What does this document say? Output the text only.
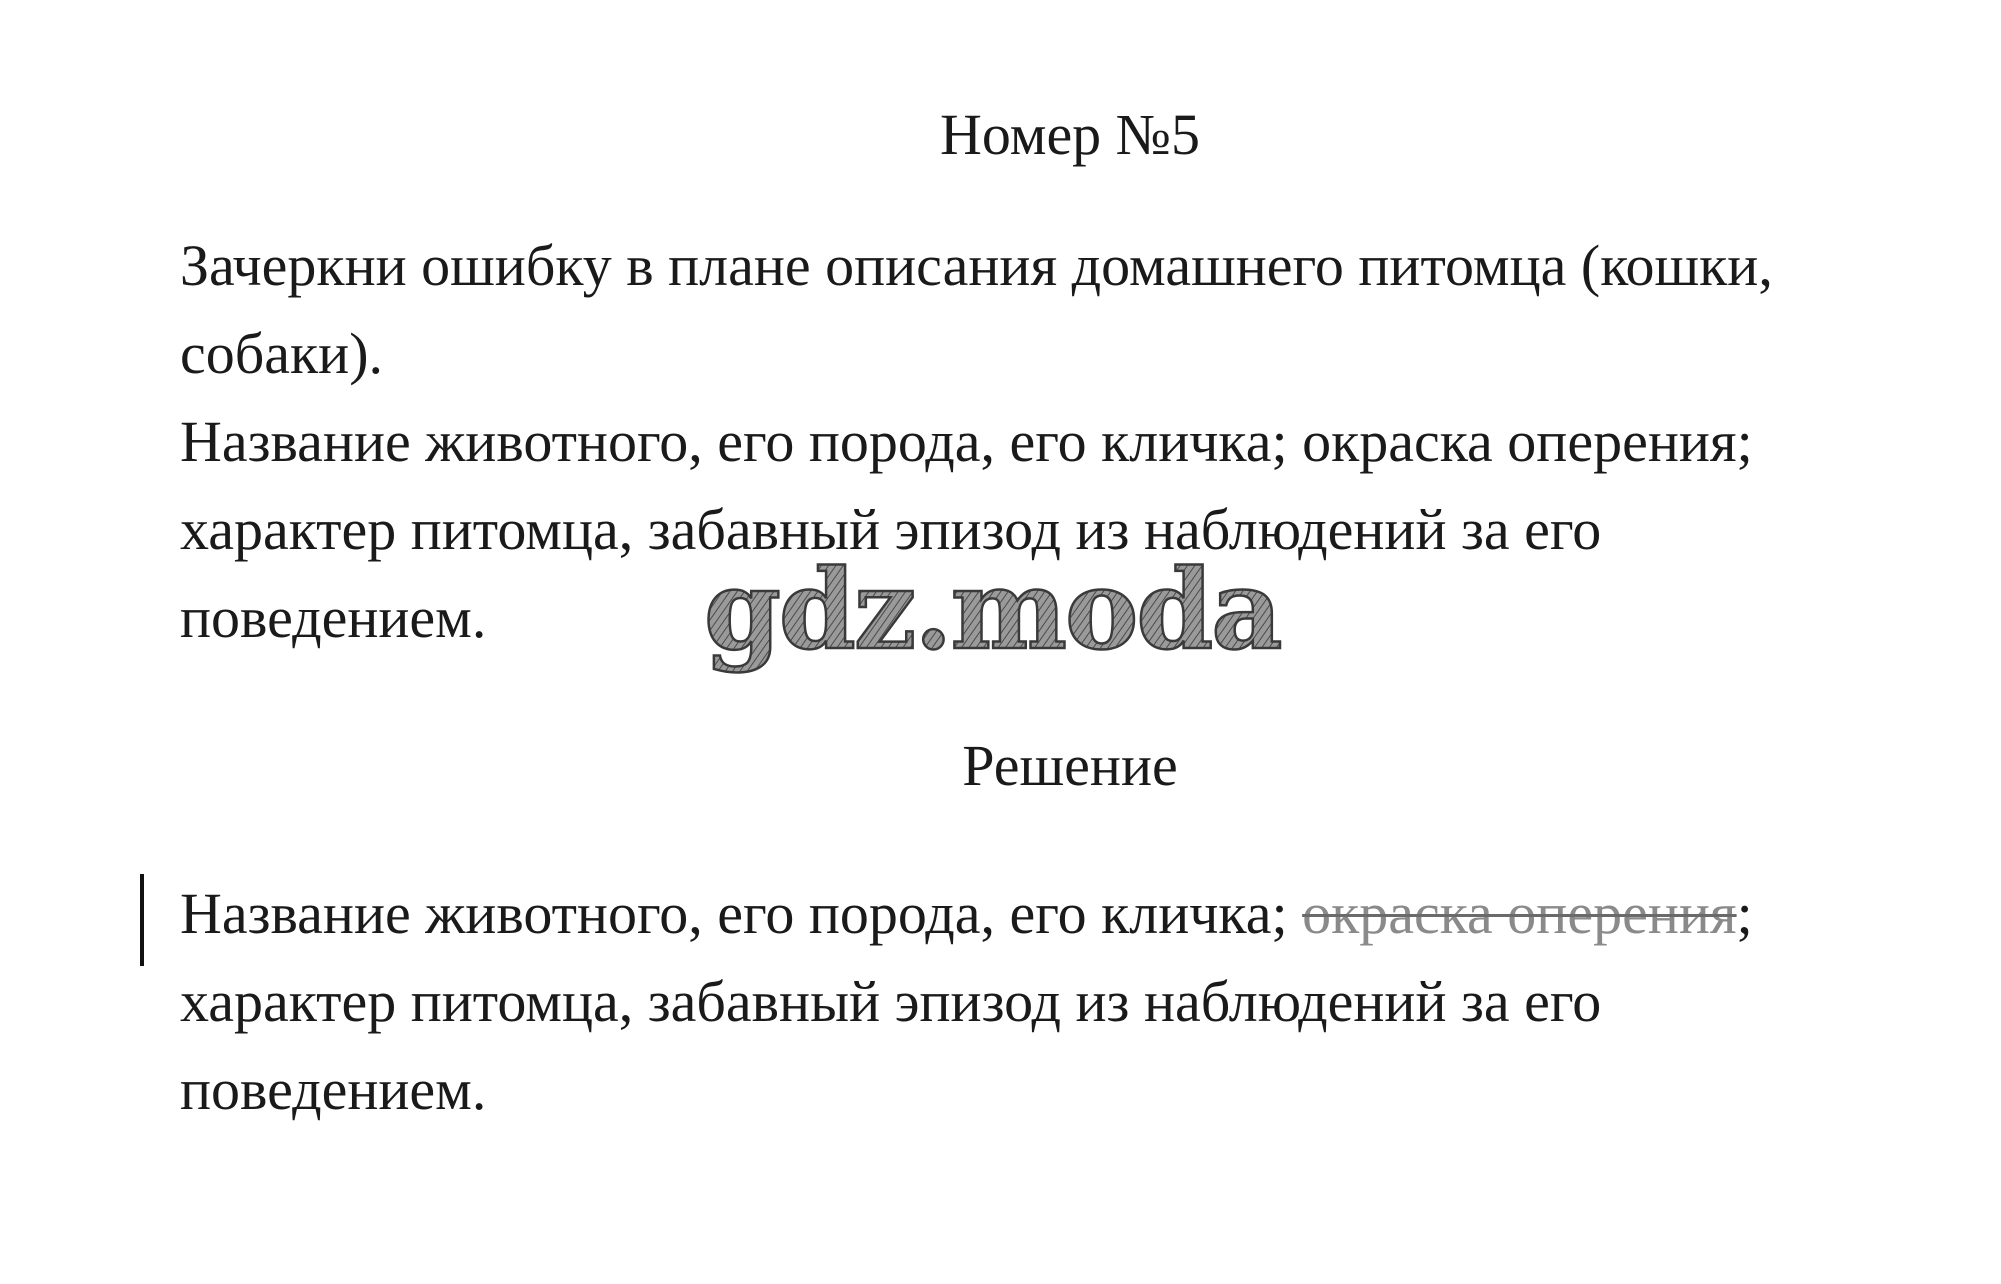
Номер №5

Зачеркни ошибку в плане описания домашнего питомца (кошки, собаки).

Название животного, его порода, его кличка; окраска оперения; характер питомца, забавный эпизод из наблюдений за его поведением.	gdz.moda
Решение

Название животного, его порода, его кличка; окраска оперения; характер питомца, забавный эпизод из наблюдений за его поведением.
